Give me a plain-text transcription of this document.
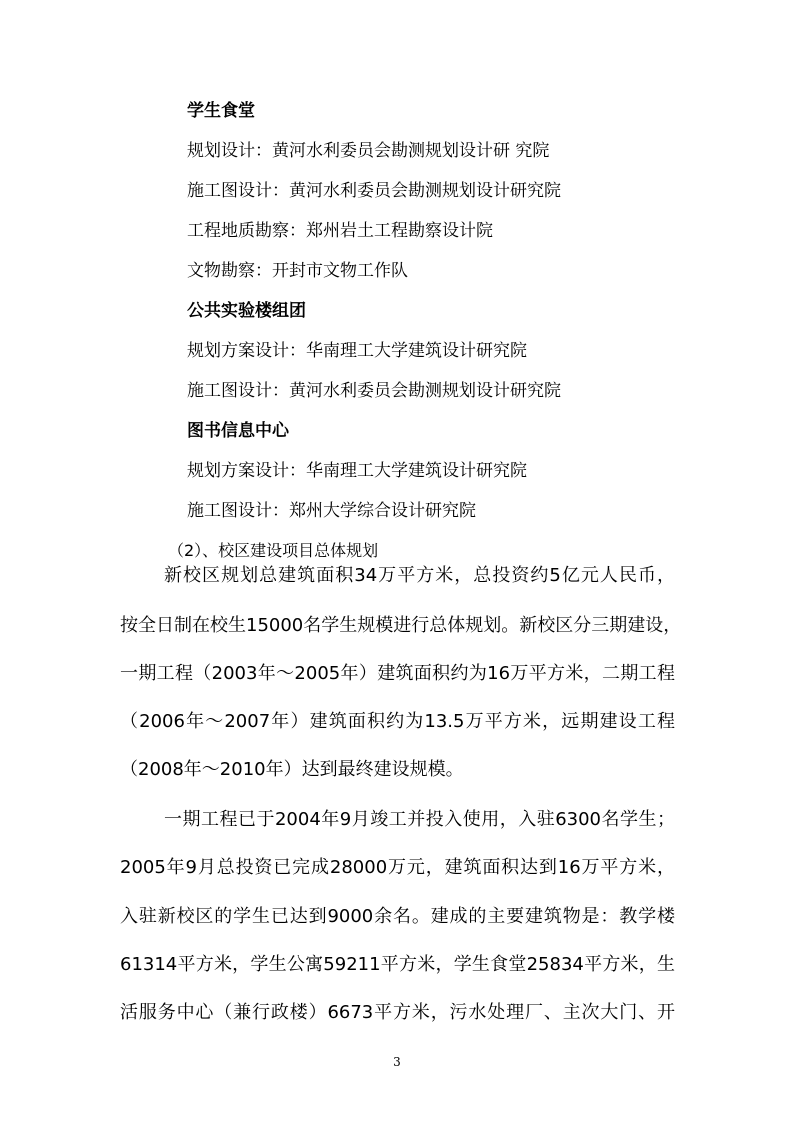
学生食堂
规划设计：黄河水利委员会勘测规划设计研 究院
施工图设计：黄河水利委员会勘测规划设计研究院
工程地质勘察：郑州岩土工程勘察设计院
文物勘察：开封市文物工作队
公共实验楼组团
规划方案设计：华南理工大学建筑设计研究院
施工图设计：黄河水利委员会勘测规划设计研究院
图书信息中心
规划方案设计：华南理工大学建筑设计研究院
施工图设计：郑州大学综合设计研究院
（2）、校区建设项目总体规划
新校区规划总建筑面积34万平方米，总投资约5亿元人民币，
按全日制在校生15000名学生规模进行总体规划。新校区分三期建设，
一期工程（2003年～2005年）建筑面积约为16万平方米，二期工程
（2006年～2007年）建筑面积约为13.5万平方米，远期建设工程
（2008年～2010年）达到最终建设规模。
一期工程已于2004年9月竣工并投入使用，入驻6300名学生；
2005年9月总投资已完成28000万元，建筑面积达到16万平方米，
入驻新校区的学生已达到9000余名。建成的主要建筑物是：教学楼
61314平方米，学生公寓59211平方米，学生食堂25834平方米，生
活服务中心（兼行政楼）6673平方米，污水处理厂、主次大门、开
3
